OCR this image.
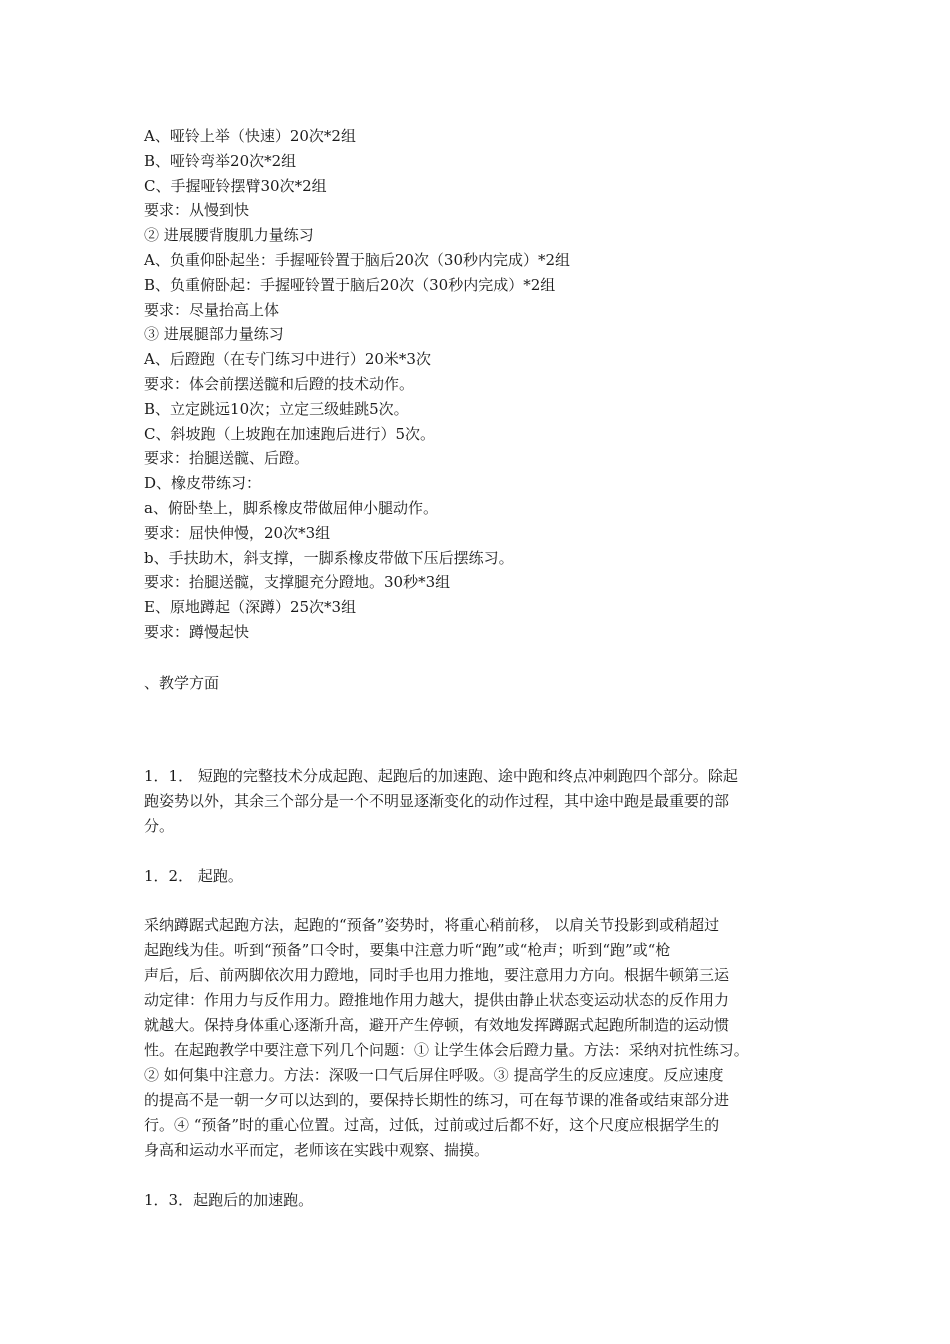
A、哑铃上举（快速）20次*2组

B、哑铃弯举20次*2组

C、手握哑铃摆臂30次*2组

要求：从慢到快

② 进展腰背腹肌力量练习

A、负重仰卧起坐：手握哑铃置于脑后20次（30秒内完成）*2组

B、负重俯卧起：手握哑铃置于脑后20次（30秒内完成）*2组

要求：尽量抬高上体

③ 进展腿部力量练习

A、后蹬跑（在专门练习中进行）20米*3次

要求：体会前摆送髋和后蹬的技术动作。

B、立定跳远10次；立定三级蛙跳5次。

C、斜坡跑（上坡跑在加速跑后进行）5次。

要求：抬腿送髋、后蹬。

D、橡皮带练习：

a、俯卧垫上，脚系橡皮带做屈伸小腿动作。

要求：屈快伸慢，20次*3组

b、手扶助木，斜支撑，一脚系橡皮带做下压后摆练习。

要求：抬腿送髋，支撑腿充分蹬地。30秒*3组

E、原地蹲起（深蹲）25次*3组

要求：蹲慢起快

、教学方面

1．1． 短跑的完整技术分成起跑、起跑后的加速跑、途中跑和终点冲刺跑四个部分。除起
跑姿势以外，其余三个部分是一个不明显逐渐变化的动作过程，其中途中跑是最重要的部
分。

1．2． 起跑。

采纳蹲踞式起跑方法，起跑的“预备”姿势时，将重心稍前移， 以肩关节投影到或稍超过
起跑线为佳。听到“预备”口令时，要集中注意力听“跑”或“枪声；听到“跑”或“枪
声后，后、前两脚依次用力蹬地，同时手也用力推地，要注意用力方向。根据牛顿第三运
动定律：作用力与反作用力。蹬推地作用力越大，提供由静止状态变运动状态的反作用力
就越大。保持身体重心逐渐升高，避开产生停顿，有效地发挥蹲踞式起跑所制造的运动惯
性。在起跑教学中要注意下列几个问题：① 让学生体会后蹬力量。方法：采纳对抗性练习。
② 如何集中注意力。方法：深吸一口气后屏住呼吸。③ 提高学生的反应速度。反应速度
的提高不是一朝一夕可以达到的，要保持长期性的练习，可在每节课的准备或结束部分进
行。④ “预备”时的重心位置。过高，过低，过前或过后都不好，这个尺度应根据学生的
身高和运动水平而定，老师该在实践中观察、揣摸。

1．3．起跑后的加速跑。
